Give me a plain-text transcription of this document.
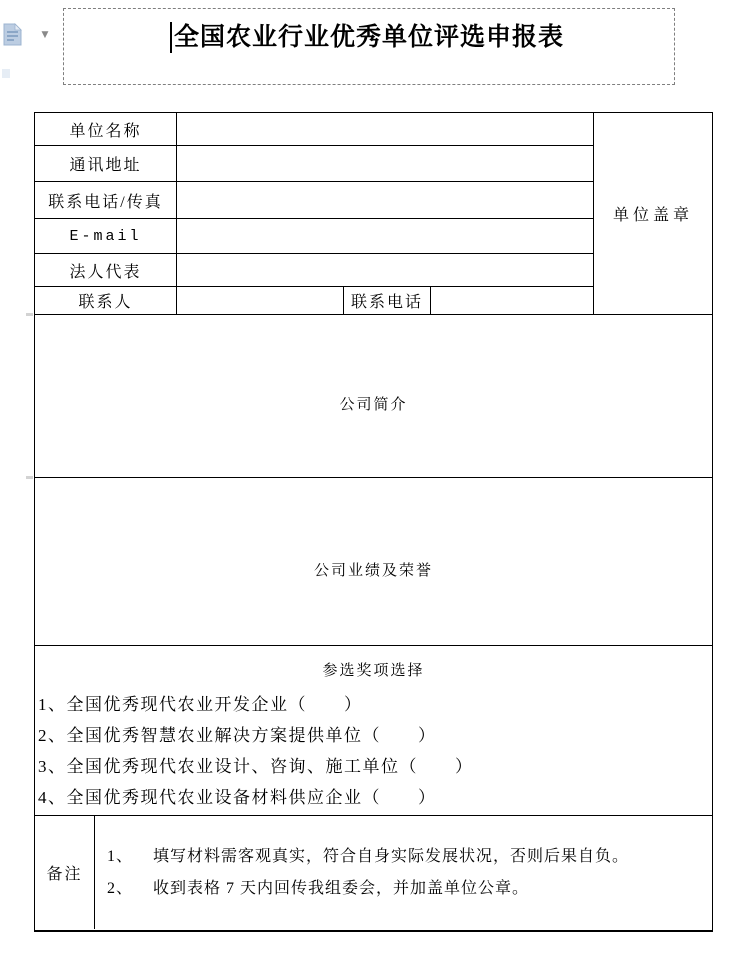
▼	全国农业行业优秀单位评选申报表
单位名称				单位盖章
通讯地址				
联系电话/传真				
E-mail				
法人代表				
联系人		联系电话		

公司简介				

公司业绩及荣誉				

参选奖项选择
1、全国优秀现代农业开发企业（　　）
2、全国优秀智慧农业解决方案提供单位（　　）
3、全国优秀现代农业设计、咨询、施工单位（　　）
4、全国优秀现代农业设备材料供应企业（　　）				

备注
1、 填写材料需客观真实，符合自身实际发展状况，否则后果自负。
2、 收到表格 7 天内回传我组委会，并加盖单位公章。				
